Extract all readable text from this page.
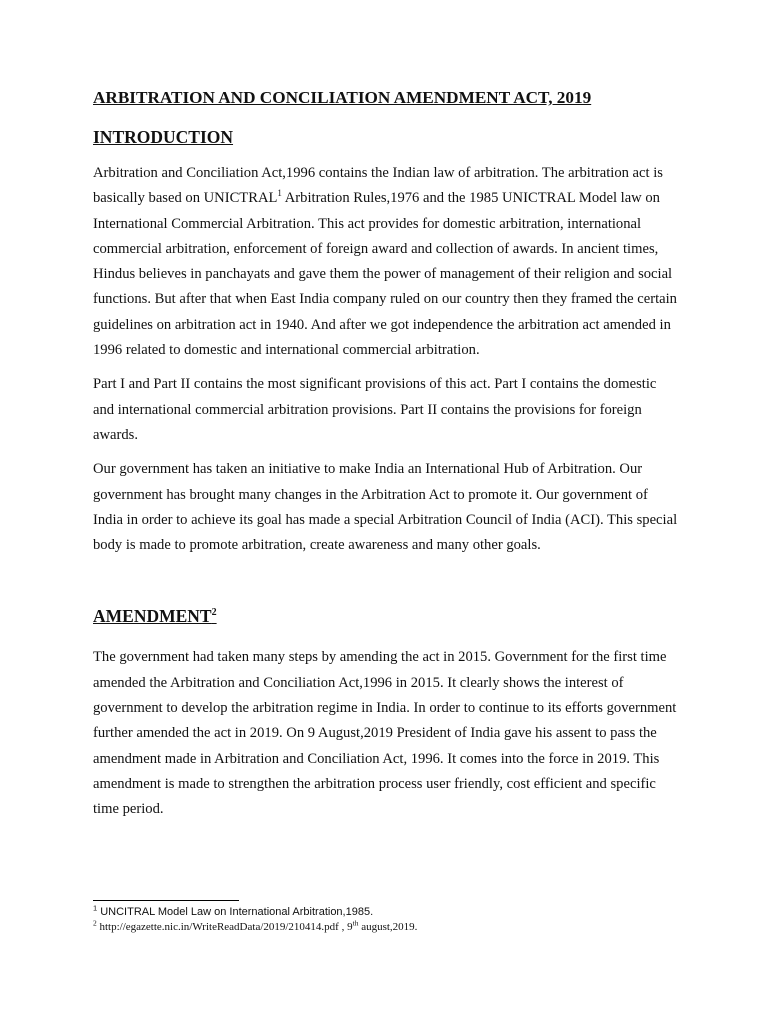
ARBITRATION AND CONCILIATION AMENDMENT ACT, 2019
INTRODUCTION

Arbitration and Conciliation Act,1996 contains the Indian law of arbitration. The arbitration act is basically based on UNICTRAL$^1$ Arbitration Rules,1976 and the 1985 UNICTRAL Model law on International Commercial Arbitration. This act provides for domestic arbitration, international commercial arbitration, enforcement of foreign award and collection of awards. In ancient times, Hindus believes in panchayats and gave them the power of management of their religion and social functions. But after that when East India company ruled on our country then they framed the certain guidelines on arbitration act in 1940. And after we got independence the arbitration act amended in 1996 related to domestic and international commercial arbitration.

Part I and Part II contains the most significant provisions of this act. Part I contains the domestic and international commercial arbitration provisions. Part II contains the provisions for foreign awards.

Our government has taken an initiative to make India an International Hub of Arbitration. Our government has brought many changes in the Arbitration Act to promote it. Our government of India in order to achieve its goal has made a special Arbitration Council of India (ACI). This special body is made to promote arbitration, create awareness and many other goals.

AMENDMENT$^2$

The government had taken many steps by amending the act in 2015. Government for the first time amended the Arbitration and Conciliation Act,1996 in 2015. It clearly shows the interest of government to develop the arbitration regime in India. In order to continue to its efforts government further amended the act in 2019. On 9 August,2019 President of India gave his assent to pass the amendment made in Arbitration and Conciliation Act, 1996. It comes into the force in 2019. This amendment is made to strengthen the arbitration process user friendly, cost efficient and specific time period.

$^1$ UNCITRAL Model Law on International Arbitration,1985.

$^2$ http://egazette.nic.in/WriteReadData/2019/210414.pdf , 9th august,2019.
